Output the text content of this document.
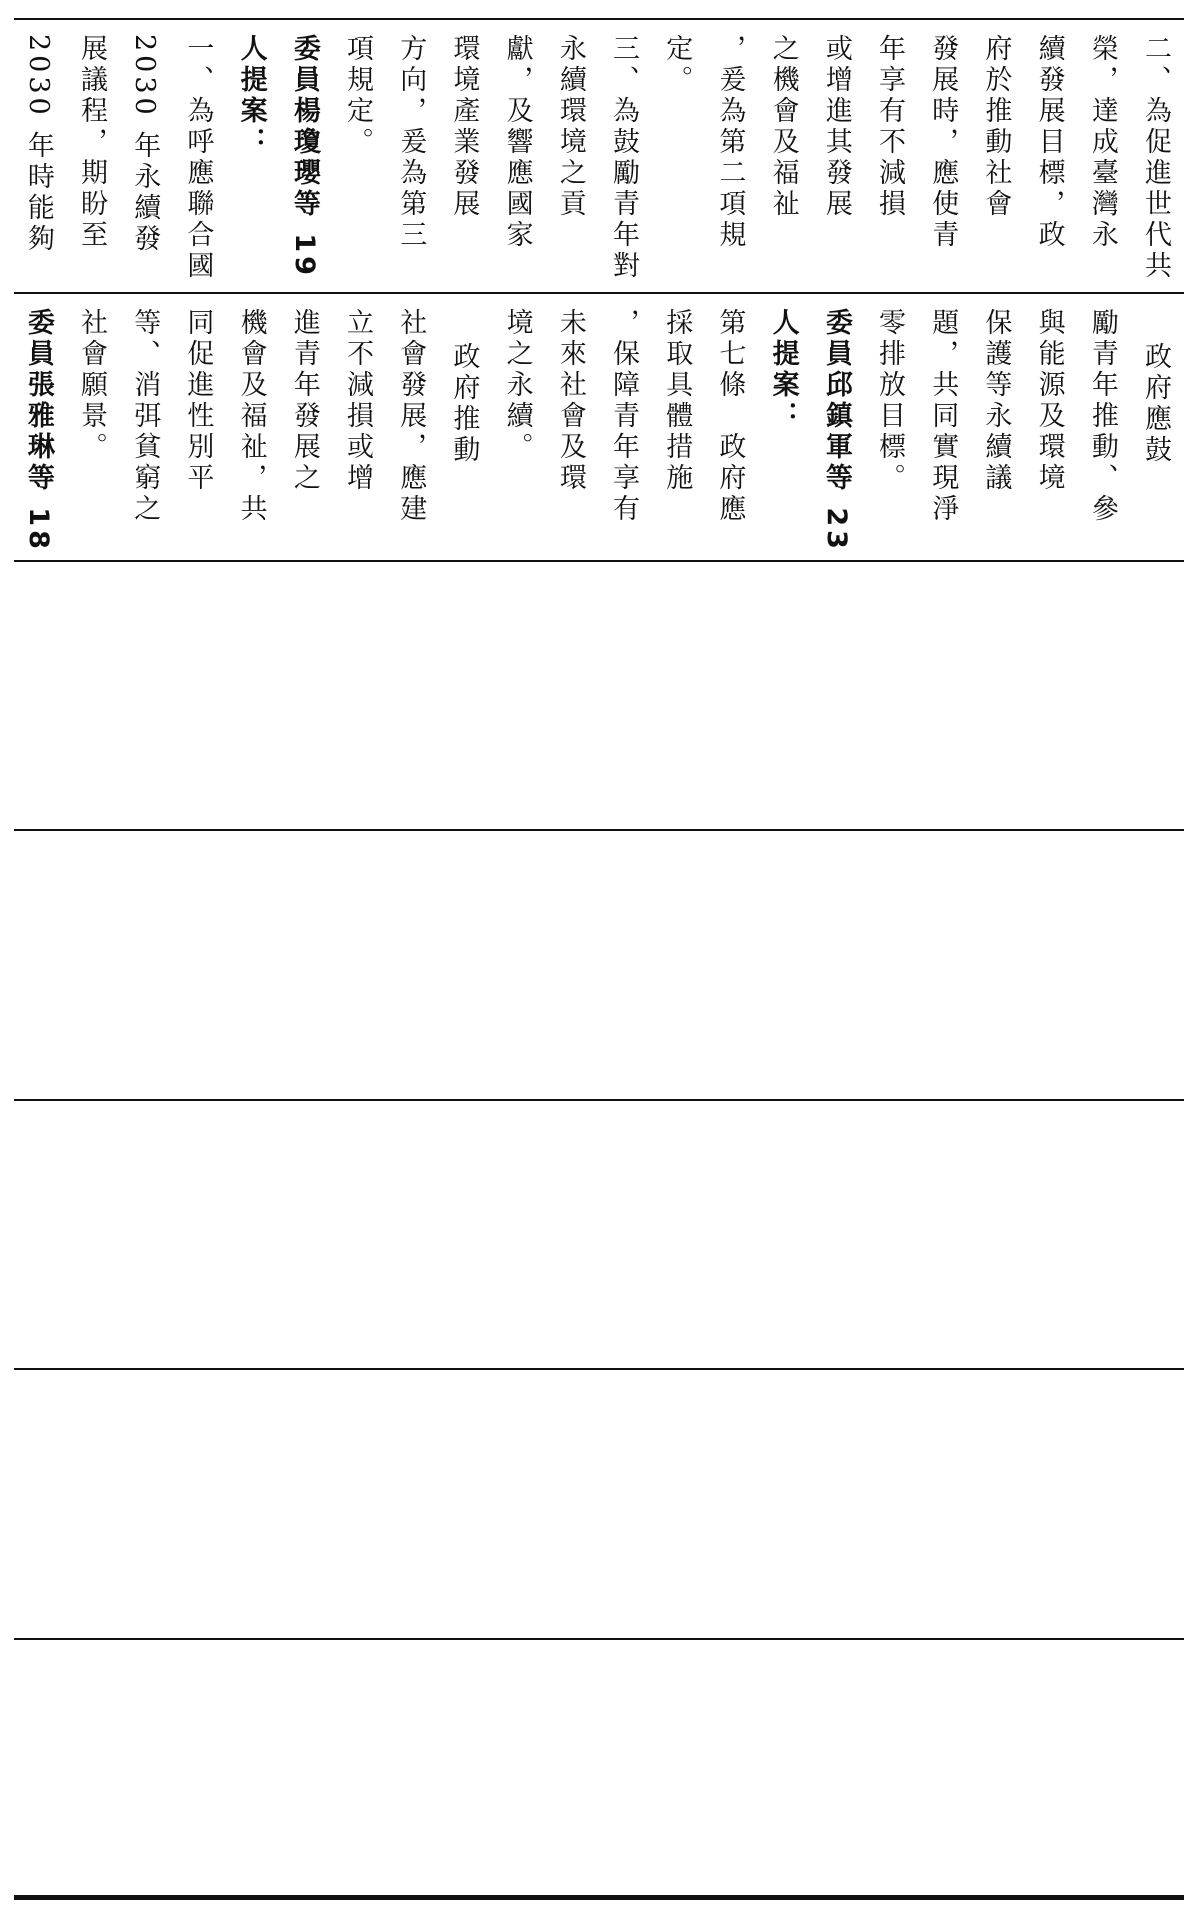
二、為促進世代共
榮，達成臺灣永
續發展目標，政
府於推動社會
發展時，應使青
年享有不減損
或增進其發展
之機會及福祉
，爰為第二項規
定。
三、為鼓勵青年對
永續環境之貢
獻，及響應國家
環境產業發展
方向，爰為第三
項規定。
委員楊瓊瓔等 19
人提案：
一、為呼應聯合國
2030 年永續發
展議程，期盼至
2030 年時能夠
政府應鼓
勵青年推動、參
與能源及環境
保護等永續議
題，共同實現淨
零排放目標。
委員邱鎮軍等 23
人提案：
第七條　政府應
採取具體措施
，保障青年享有
未來社會及環
境之永續。
政府推動
社會發展，應建
立不減損或增
進青年發展之
機會及福祉，共
同促進性別平
等、消弭貧窮之
社會願景。
委員張雅琳等 18
